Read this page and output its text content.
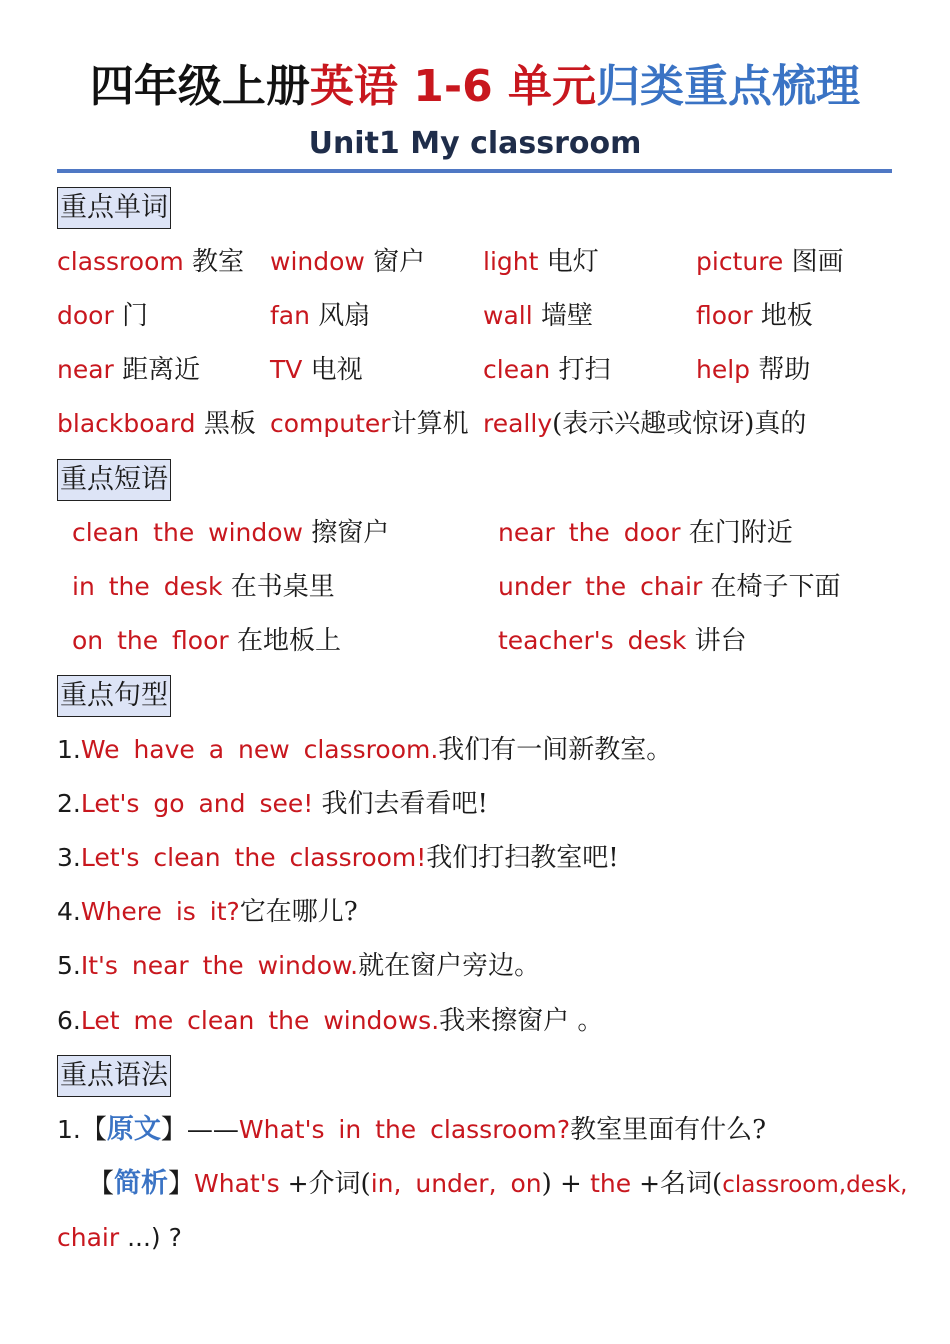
四年级上册英语 1-6 单元归类重点梳理
Unit1 My classroom
重点单词
classroom 教室 window 窗户 light 电灯	picture 图画
door 门	fan 风扇	wall 墙壁	floor 地板
near 距离近	TV 电视	clean 打扫	help 帮助
blackboard 黑板 computer计算机 really(表示兴趣或惊讶)真的
重点短语
clean the window 擦窗户	near the door 在门附近
in the desk 在书桌里	under the chair 在椅子下面
on the floor 在地板上	teacher's desk 讲台
重点句型
1.We have a new classroom.我们有一间新教室。
2.Let's go and see! 我们去看看吧!
3.Let's clean the classroom!我们打扫教室吧!
4.Where is it?它在哪儿?
5.It's near the window.就在窗户旁边。
6.Let me clean the windows.我来擦窗户 。
重点语法
1.【原文】——What's in the classroom?教室里面有什么?
【简析】What's +介词(in, under, on) + the +名词(classroom,desk,
chair ...) ?
